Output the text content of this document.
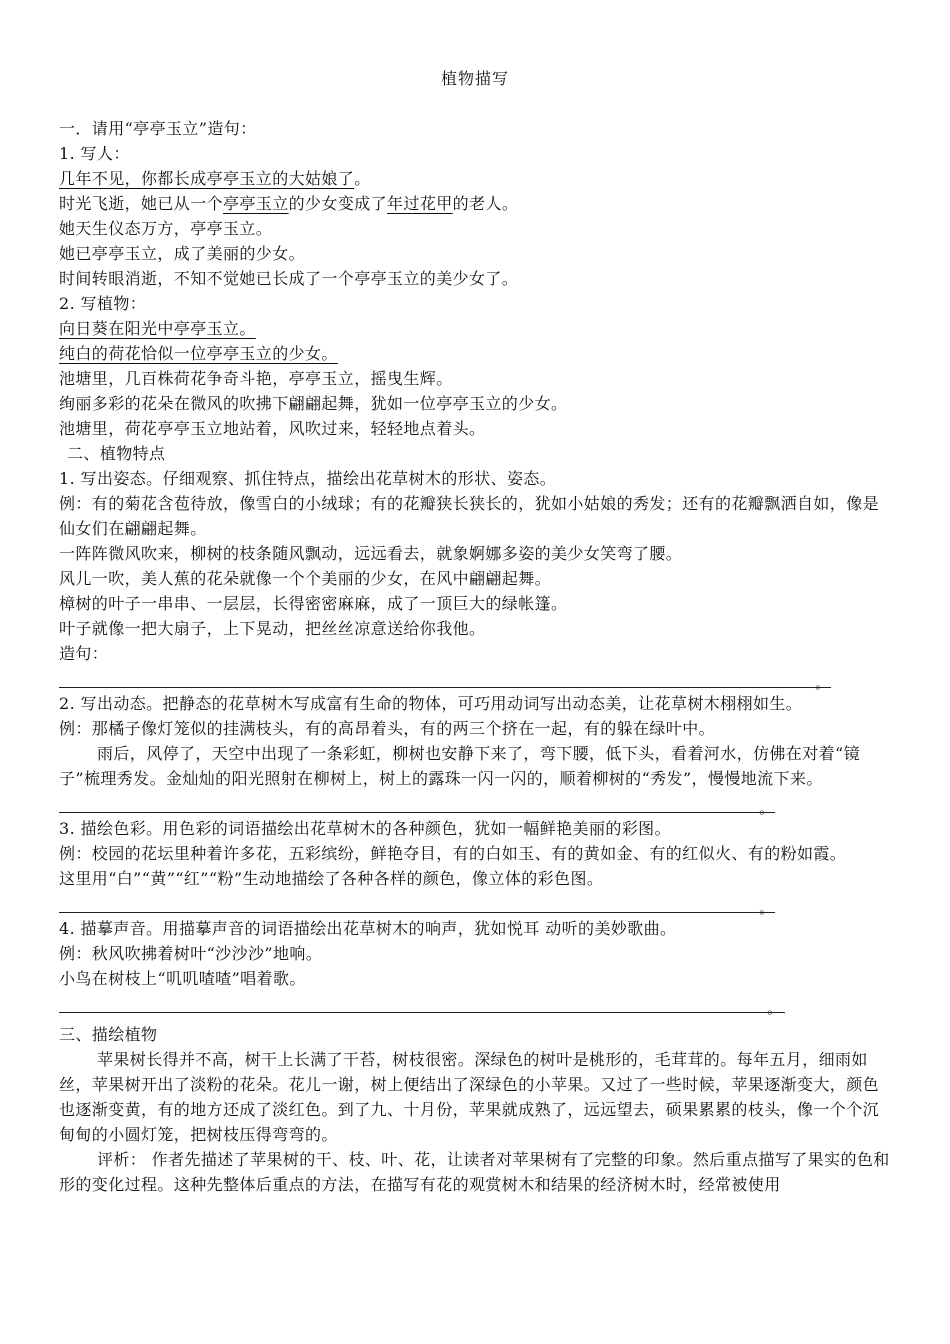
植物描写
一．请用“亭亭玉立”造句：
1. 写人：
几年不见，你都长成亭亭玉立的大姑娘了。
时光飞逝，她已从一个亭亭玉立的少女变成了年过花甲的老人。
她天生仪态万方，亭亭玉立。
她已亭亭玉立，成了美丽的少女。
时间转眼消逝，不知不觉她已长成了一个亭亭玉立的美少女了。
2. 写植物：
向日葵在阳光中亭亭玉立。
纯白的荷花恰似一位亭亭玉立的少女。
池塘里，几百株荷花争奇斗艳，亭亭玉立，摇曳生辉。
绚丽多彩的花朵在微风的吹拂下翩翩起舞，犹如一位亭亭玉立的少女。
池塘里，荷花亭亭玉立地站着，风吹过来，轻轻地点着头。
二、植物特点
1. 写出姿态。仔细观察、抓住特点，描绘出花草树木的形状、姿态。
例：有的菊花含苞待放，像雪白的小绒球；有的花瓣狭长狭长的，犹如小姑娘的秀发；还有的花瓣飘洒自如，像是仙女们在翩翩起舞。
一阵阵微风吹来，柳树的枝条随风飘动，远远看去，就象婀娜多姿的美少女笑弯了腰。
风儿一吹，美人蕉的花朵就像一个个美丽的少女，在风中翩翩起舞。
樟树的叶子一串串、一层层，长得密密麻麻，成了一顶巨大的绿帐篷。
叶子就像一把大扇子，上下晃动，把丝丝凉意送给你我他。
造句：
。
2. 写出动态。把静态的花草树木写成富有生命的物体，可巧用动词写出动态美，让花草树木栩栩如生。
例：那橘子像灯笼似的挂满枝头，有的高昂着头，有的两三个挤在一起，有的躲在绿叶中。
雨后，风停了，天空中出现了一条彩虹，柳树也安静下来了，弯下腰，低下头，看着河水，仿佛在对着“镜子”梳理秀发。金灿灿的阳光照射在柳树上，树上的露珠一闪一闪的，顺着柳树的“秀发”，慢慢地流下来。
。
3. 描绘色彩。用色彩的词语描绘出花草树木的各种颜色，犹如一幅鲜艳美丽的彩图。
例：校园的花坛里种着许多花，五彩缤纷，鲜艳夺目，有的白如玉、有的黄如金、有的红似火、有的粉如霞。
这里用“白”“黄”“红”“粉”生动地描绘了各种各样的颜色，像立体的彩色图。
。
4. 描摹声音。用描摹声音的词语描绘出花草树木的响声，犹如悦耳 动听的美妙歌曲。
例：秋风吹拂着树叶“沙沙沙”地响。
小鸟在树枝上“叽叽喳喳”唱着歌。
。
三、描绘植物
苹果树长得并不高，树干上长满了干苔，树枝很密。深绿色的树叶是桃形的，毛茸茸的。每年五月，细雨如丝，苹果树开出了淡粉的花朵。花儿一谢，树上便结出了深绿色的小苹果。又过了一些时候，苹果逐渐变大，颜色也逐渐变黄，有的地方还成了淡红色。到了九、十月份，苹果就成熟了，远远望去，硕果累累的枝头，像一个个沉甸甸的小圆灯笼，把树枝压得弯弯的。
评析： 作者先描述了苹果树的干、枝、叶、花，让读者对苹果树有了完整的印象。然后重点描写了果实的色和形的变化过程。这种先整体后重点的方法，在描写有花的观赏树木和结果的经济树木时，经常被使用
